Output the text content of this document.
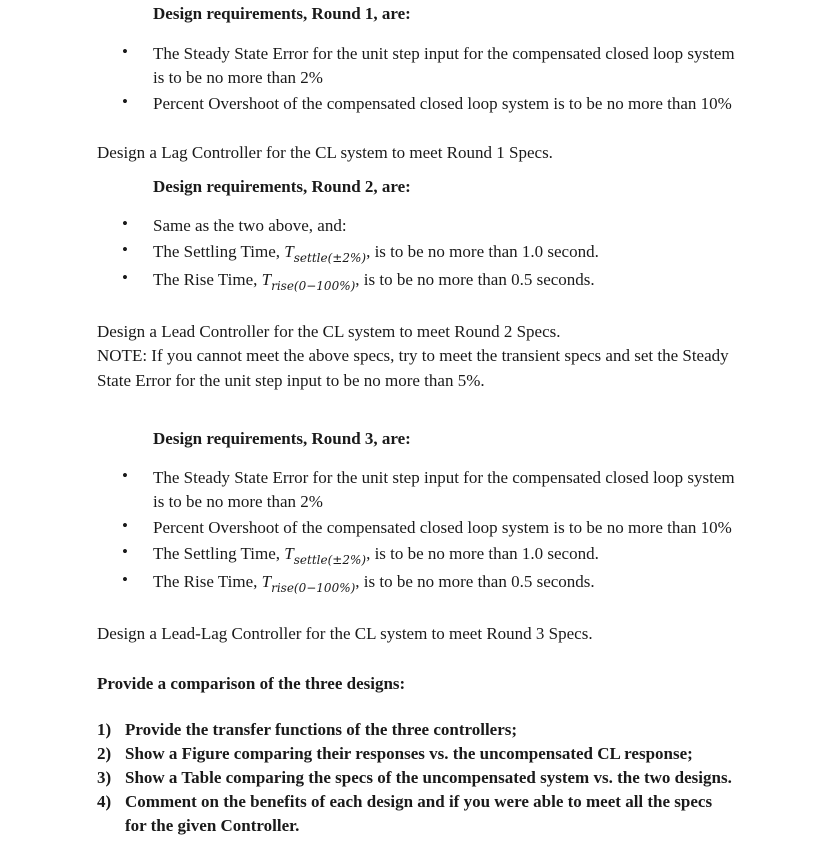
Design requirements, Round 1, are:
• The Steady State Error for the unit step input for the compensated closed loop system
is to be no more than 2%
• Percent Overshoot of the compensated closed loop system is to be no more than 10%
Design a Lag Controller for the CL system to meet Round 1 Specs.
Design requirements, Round 2, are:
• Same as the two above, and:
• The Settling Time, $T_{settle(\pm 2\%)}$, is to be no more than 1.0 second.
• The Rise Time, $T_{rise(0-100\%)}$, is to be no more than 0.5 seconds.
Design a Lead Controller for the CL system to meet Round 2 Specs.
NOTE: If you cannot meet the above specs, try to meet the transient specs and set the Steady
State Error for the unit step input to be no more than 5%.
Design requirements, Round 3, are:
• The Steady State Error for the unit step input for the compensated closed loop system
is to be no more than 2%
• Percent Overshoot of the compensated closed loop system is to be no more than 10%
• The Settling Time, $T_{settle(\pm 2\%)}$, is to be no more than 1.0 second.
• The Rise Time, $T_{rise(0-100\%)}$, is to be no more than 0.5 seconds.
Design a Lead-Lag Controller for the CL system to meet Round 3 Specs.
Provide a comparison of the three designs:
1) Provide the transfer functions of the three controllers;
2) Show a Figure comparing their responses vs. the uncompensated CL response;
3) Show a Table comparing the specs of the uncompensated system vs. the two designs.
4) Comment on the benefits of each design and if you were able to meet all the specs
for the given Controller.
